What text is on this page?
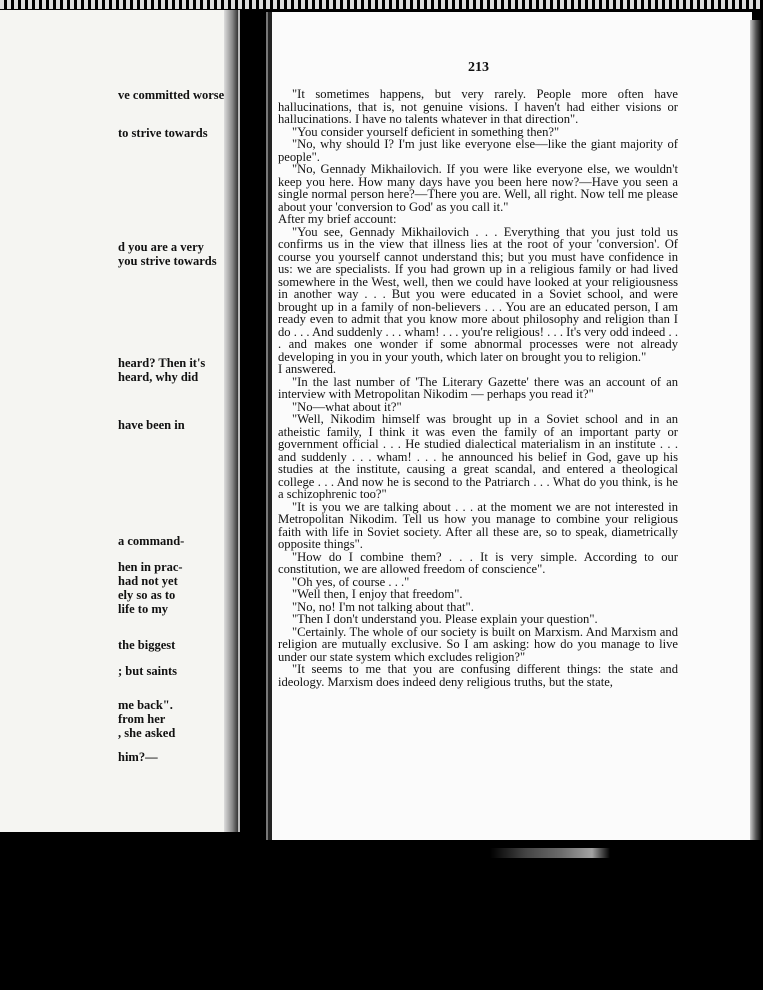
ve committed worse
to strive towards
d you are a very
you strive towards
heard? Then it's
heard, why did
have been in
a command-
hen in prac-
had not yet
ely so as to
life to my
the biggest
; but saints
me back".
from her
, she asked
him?—
213

"It sometimes happens, but very rarely. People more often have hallucinations, that is, not genuine visions. I haven't had either visions or hallucinations. I have no talents whatever in that direction".

"You consider yourself deficient in something then?"

"No, why should I? I'm just like everyone else—like the giant majority of people".

"No, Gennady Mikhailovich. If you were like everyone else, we wouldn't keep you here. How many days have you been here now?—Have you seen a single normal person here?—There you are. Well, all right. Now tell me please about your 'conversion to God' as you call it."

After my brief account:

"You see, Gennady Mikhailovich . . . Everything that you just told us confirms us in the view that illness lies at the root of your 'conversion'. Of course you yourself cannot understand this; but you must have confidence in us: we are specialists. If you had grown up in a religious family or had lived somewhere in the West, well, then we could have looked at your religiousness in another way . . . But you were educated in a Soviet school, and were brought up in a family of non-believers . . . You are an educated person, I am ready even to admit that you know more about philosophy and religion than I do . . . And suddenly . . . wham! . . . you're religious! . . . It's very odd indeed . . . and makes one wonder if some abnormal processes were not already developing in you in your youth, which later on brought you to religion."

I answered.

"In the last number of 'The Literary Gazette' there was an account of an interview with Metropolitan Nikodim — perhaps you read it?"

"No—what about it?"

"Well, Nikodim himself was brought up in a Soviet school and in an atheistic family, I think it was even the family of an important party or government official . . . He studied dialectical materialism in an institute . . . and suddenly . . . wham! . . . he announced his belief in God, gave up his studies at the institute, causing a great scandal, and entered a theological college . . . And now he is second to the Patriarch . . . What do you think, is he a schizophrenic too?"

"It is you we are talking about . . . at the moment we are not interested in Metropolitan Nikodim. Tell us how you manage to combine your religious faith with life in Soviet society. After all these are, so to speak, diametrically opposite things".

"How do I combine them? . . . It is very simple. According to our constitution, we are allowed freedom of conscience".

"Oh yes, of course . . ."

"Well then, I enjoy that freedom".

"No, no! I'm not talking about that".

"Then I don't understand you. Please explain your question".

"Certainly. The whole of our society is built on Marxism. And Marxism and religion are mutually exclusive. So I am asking: how do you manage to live under our state system which excludes religion?"

"It seems to me that you are confusing different things: the state and ideology. Marxism does indeed deny religious truths, but the state,
